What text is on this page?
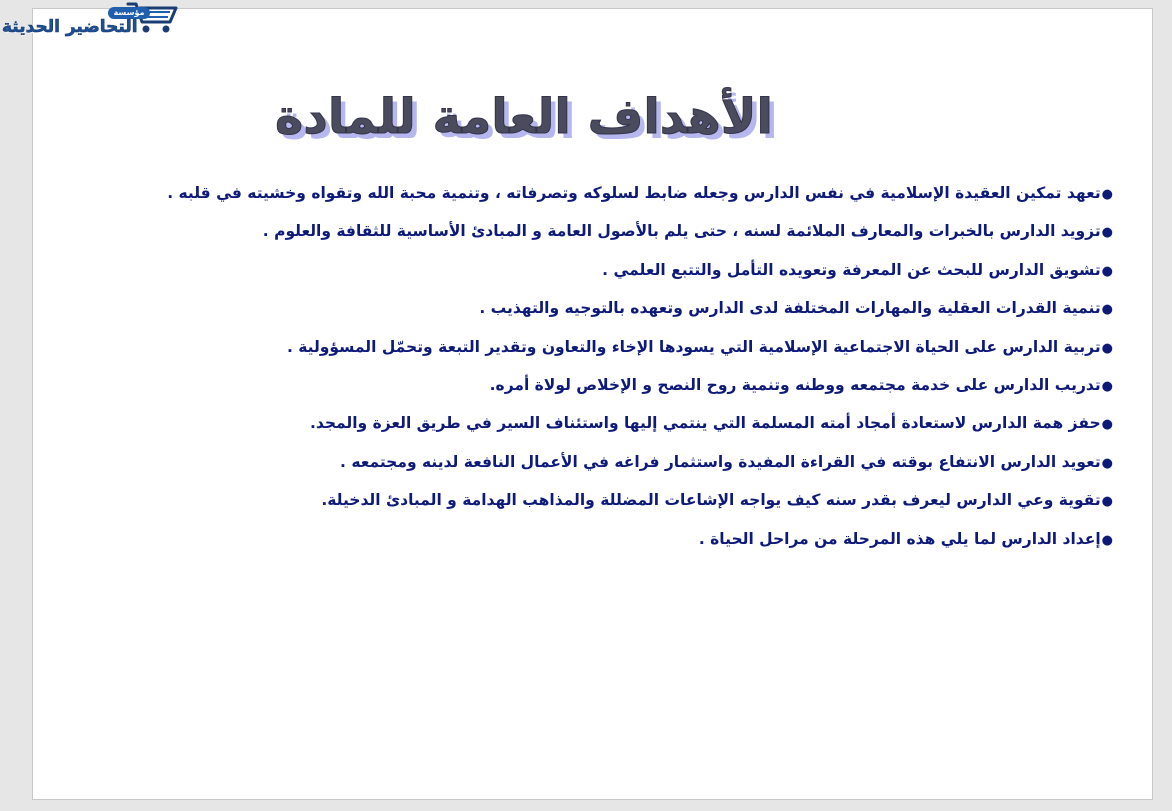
الأهداف العامة للمادة
●تعهد تمكين العقيدة الإسلامية في نفس الدارس وجعله ضابط لسلوكه وتصرفاته ، وتنمية محبة الله وتقواه وخشيته في قلبه .
●تزويد الدارس بالخبرات والمعارف الملائمة لسنه ، حتى يلم بالأصول العامة و المبادئ الأساسية للثقافة والعلوم .
●تشويق الدارس للبحث عن المعرفة وتعويده التأمل والتتبع العلمي .
●تنمية القدرات العقلية والمهارات المختلفة لدى الدارس وتعهده بالتوجيه والتهذيب .
●تربية الدارس على الحياة الاجتماعية الإسلامية التي يسودها الإخاء والتعاون وتقدير التبعة وتحمّل المسؤولية .
●تدريب الدارس على خدمة مجتمعه ووطنه وتنمية روح النصح و الإخلاص لولاة أمره.
●حفز همة الدارس لاستعادة أمجاد أمته المسلمة التي ينتمي إليها واستئناف السير في طريق العزة والمجد.
●تعويد الدارس الانتفاع بوقته في القراءة المفيدة واستثمار فراغه في الأعمال النافعة لدينه ومجتمعه .
●تقوية وعي الدارس ليعرف بقدر سنه كيف يواجه الإشاعات المضللة والمذاهب الهدامة و المبادئ الدخيلة.
●إعداد الدارس لما يلي هذه المرحلة من مراحل الحياة .
مؤسسة
التحاضير الحديثة
